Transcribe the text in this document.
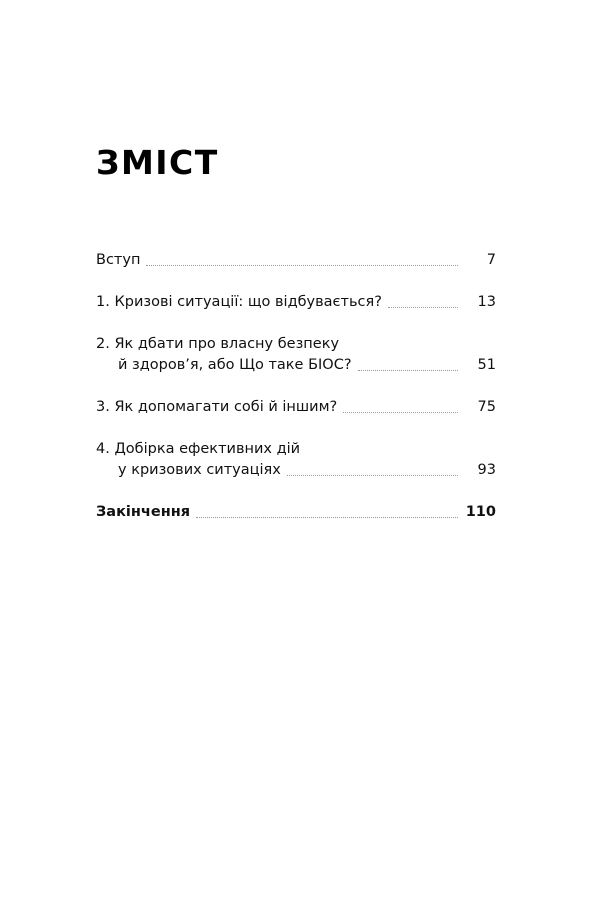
ЗМІСТ
Вступ	7
1. Кризові ситуації: що відбувається?	13
2. Як дбати про власну безпеку
й здоров’я, або Що таке БІОС?	51
3. Як допомагати собі й іншим?	75
4. Добірка ефективних дій
у кризових ситуаціях	93
Закінчення	110
